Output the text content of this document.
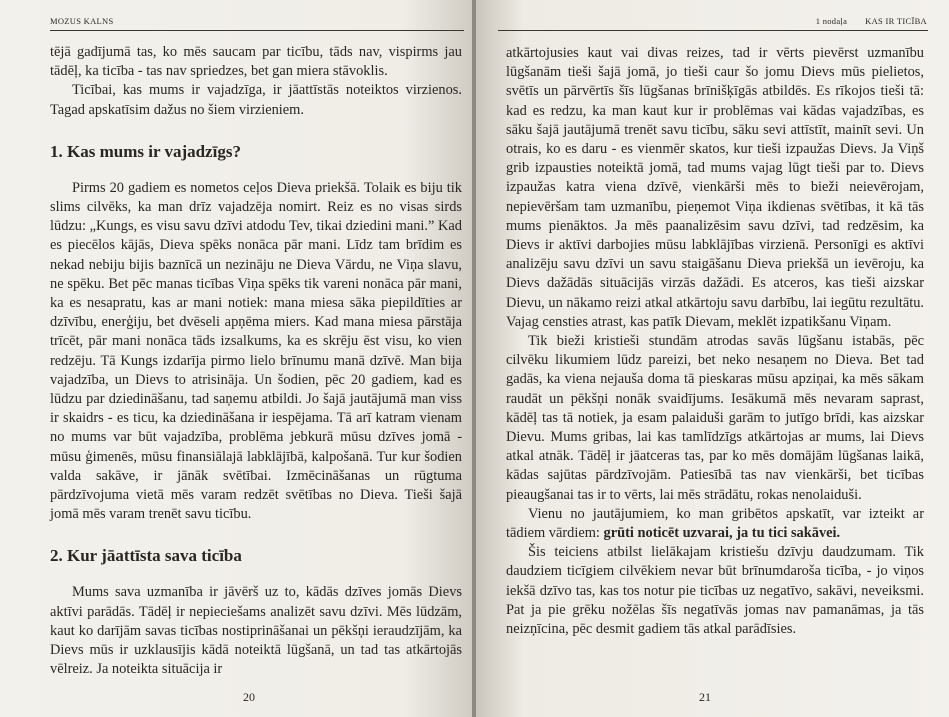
MOZUS KALNS

tējā gadījumā tas, ko mēs saucam par ticību, tāds nav, vispirms jau tādēļ, ka ticība - tas nav spriedzes, bet gan miera stāvoklis.

Ticībai, kas mums ir vajadzīga, ir jāattīstās noteiktos virzienos. Tagad apskatīsim dažus no šiem virzieniem.

1. Kas mums ir vajadzīgs?

Pirms 20 gadiem es nometos ceļos Dieva priekšā. Tolaik es biju tik slims cilvēks, ka man drīz vajadzēja nomirt. Reiz es no visas sirds lūdzu: „Kungs, es visu savu dzīvi atdodu Tev, tikai dziedini mani.” Kad es piecēlos kājās, Dieva spēks nonāca pār mani. Līdz tam brīdim es nekad nebiju bijis baznīcā un nezināju ne Dieva Vārdu, ne Viņa slavu, ne spēku. Bet pēc manas ticības Viņa spēks tik vareni nonāca pār mani, ka es nesapratu, kas ar mani notiek: mana miesa sāka piepildīties ar dzīvību, enerģiju, bet dvēseli apņēma miers. Kad mana miesa pārstāja trīcēt, pār mani nonāca tāds izsalkums, ka es skrēju ēst visu, ko vien redzēju. Tā Kungs izdarīja pirmo lielo brīnumu manā dzīvē. Man bija vajadzība, un Dievs to atrisināja. Un šodien, pēc 20 gadiem, kad es lūdzu par dziedināšanu, tad saņemu atbildi. Jo šajā jautājumā man viss ir skaidrs - es ticu, ka dziedināšana ir iespējama. Tā arī katram vienam no mums var būt vajadzība, problēma jebkurā mūsu dzīves jomā - mūsu ģimenēs, mūsu finansiālajā labklājībā, kalpošanā. Tur kur šodien valda sakāve, ir jānāk svētībai. Izmēcināšanas un rūgtuma pārdzīvojuma vietā mēs varam redzēt svētības no Dieva. Tieši šajā jomā mēs varam trenēt savu ticību.

2. Kur jāattīsta sava ticība

Mums sava uzmanība ir jāvērš uz to, kādās dzīves jomās Dievs aktīvi parādās. Tādēļ ir nepieciešams analizēt savu dzīvi. Mēs lūdzām, kaut ko darījām savas ticības nostiprināšanai un pēkšņi ieraudzījām, ka Dievs mūs ir uzklausījis kādā noteiktā lūgšanā, un tad tas atkārtojās vēlreiz. Ja noteikta situācija ir

20
1 nodaļa KAS IR TICĪBA

atkārtojusies kaut vai divas reizes, tad ir vērts pievērst uzmanību lūgšanām tieši šajā jomā, jo tieši caur šo jomu Dievs mūs pielietos, svētīs un pārvērtīs šīs lūgšanas brīnišķīgās atbildēs. Es rīkojos tieši tā: kad es redzu, ka man kaut kur ir problēmas vai kādas vajadzības, es sāku šajā jautājumā trenēt savu ticību, sāku sevi attīstīt, mainīt sevi. Un otrais, ko es daru - es vienmēr skatos, kur tieši izpaužas Dievs. Ja Viņš grib izpausties noteiktā jomā, tad mums vajag lūgt tieši par to. Dievs izpaužas katra viena dzīvē, vienkārši mēs to bieži neievērojam, nepievēršam tam uzmanību, pieņemot Viņa ikdienas svētības, it kā tās mums pienāktos. Ja mēs paanalizēsim savu dzīvi, tad redzēsim, ka Dievs ir aktīvi darbojies mūsu labklājības virzienā. Personīgi es aktīvi analizēju savu dzīvi un savu staigāšanu Dieva priekšā un ievēroju, ka Dievs dažādās situācijās virzās dažādi. Es atceros, kas tieši aizskar Dievu, un nākamo reizi atkal atkārtoju savu darbību, lai iegūtu rezultātu. Vajag censties atrast, kas patīk Dievam, meklēt izpatikšanu Viņam.

Tik bieži kristieši stundām atrodas savās lūgšanu istabās, pēc cilvēku likumiem lūdz pareizi, bet neko nesaņem no Dieva. Bet tad gadās, ka viena nejauša doma tā pieskaras mūsu apziņai, ka mēs sākam raudāt un pēkšņi nonāk svaidījums. Iesākumā mēs nevaram saprast, kādēļ tas tā notiek, ja esam palaiduši garām to jutīgo brīdi, kas aizskar Dievu. Mums gribas, lai kas tamlīdzīgs atkārtojas ar mums, lai Dievs atkal atnāk. Tādēļ ir jāatceras tas, par ko mēs domājām lūgšanas laikā, kādas sajūtas pārdzīvojām. Patiesībā tas nav vienkārši, bet ticības pieaugšanai tas ir to vērts, lai mēs strādātu, rokas nenolaiduši.

Vienu no jautājumiem, ko man gribētos apskatīt, var izteikt ar tādiem vārdiem: grūti noticēt uzvarai, ja tu tici sakāvei.

Šis teiciens atbilst lielākajam kristiešu dzīvju daudzumam. Tik daudziem ticīgiem cilvēkiem nevar būt brīnumdaroša ticība, - jo viņos iekšā dzīvo tas, kas tos notur pie ticības uz negatīvo, sakāvi, neveiksmi. Pat ja pie grēku nožēlas šīs negatīvās jomas nav pamanāmas, ja tās neizņīcina, pēc desmit gadiem tās atkal parādīsies.

21
